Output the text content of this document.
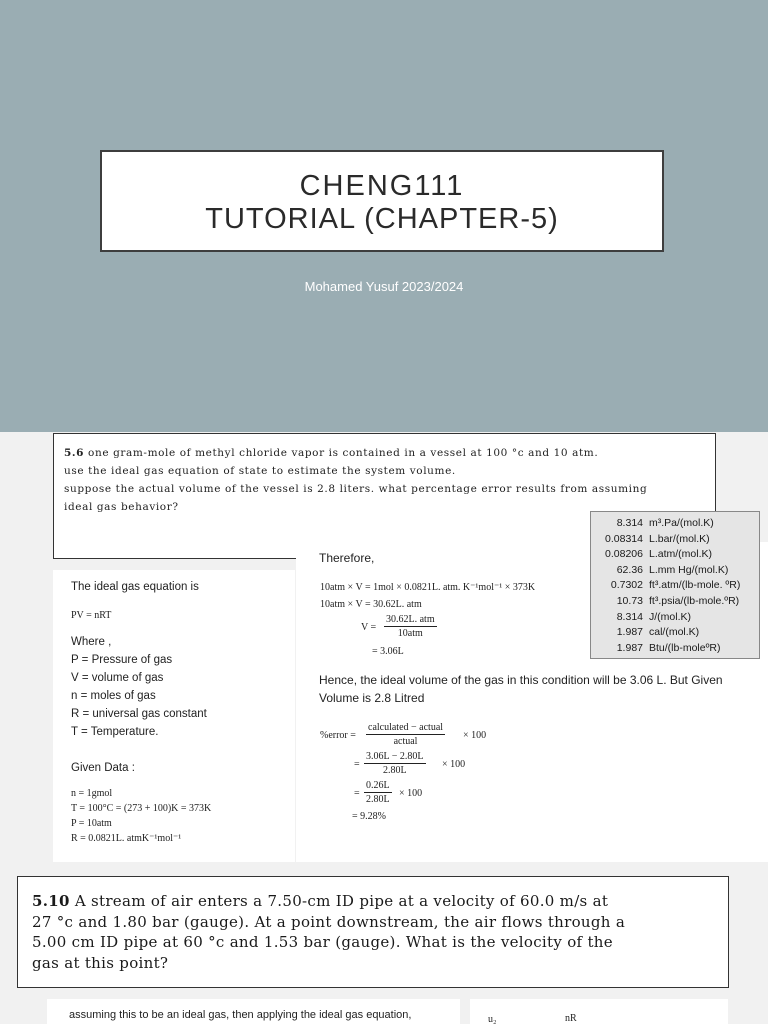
CHENG111
TUTORIAL (CHAPTER-5)
Mohamed Yusuf 2023/2024
5.6 one gram-mole of methyl chloride vapor is contained in a vessel at 100 °c and 10 atm.
use the ideal gas equation of state to estimate the system volume.
suppose the actual volume of the vessel is 2.8 liters. what percentage error results from assuming
ideal gas behavior?
The ideal gas equation is
PV = nRT
Where ,
P = Pressure of gas
V = volume of gas
n = moles of gas
R = universal gas constant
T = Temperature.
Given Data :
n = 1gmol
T = 100°C = (273 + 100)K = 373K
P = 10atm
R = 0.0821L. atmK⁻¹mol⁻¹
Therefore,
10atm × V = 1mol × 0.0821L. atm. K⁻¹mol⁻¹ × 373K
10atm × V = 30.62L. atm
V =
30.62L. atm
10atm
= 3.06L
Hence, the ideal volume of the gas in this condition will be 3.06 L. But Given
Volume is 2.8 Litred
%error =
calculated − actual
actual
× 100
= $\frac{3.06L - 2.80L}{2.80L} \times 100$
= $\frac{0.26L}{2.80L} \times 100$
= 9.28%
8.314 m³.Pa/(mol.K)
0.08314 L.bar/(mol.K)
0.08206 L.atm/(mol.K)
62.36 L.mm Hg/(mol.K)
0.7302 ft³.atm/(lb-mole. ºR)
10.73 ft³.psia/(lb-mole.ºR)
8.314 J/(mol.K)
1.987 cal/(mol.K)
1.987 Btu/(lb-moleºR)
5.10 A stream of air enters a 7.50-cm ID pipe at a velocity of 60.0 m/s at
27 °c and 1.80 bar (gauge). At a point downstream, the air flows through a
5.00 cm ID pipe at 60 °c and 1.53 bar (gauge). What is the velocity of the
gas at this point?
assuming this to be an ideal gas, then applying the ideal gas equation,	u₂	nR
